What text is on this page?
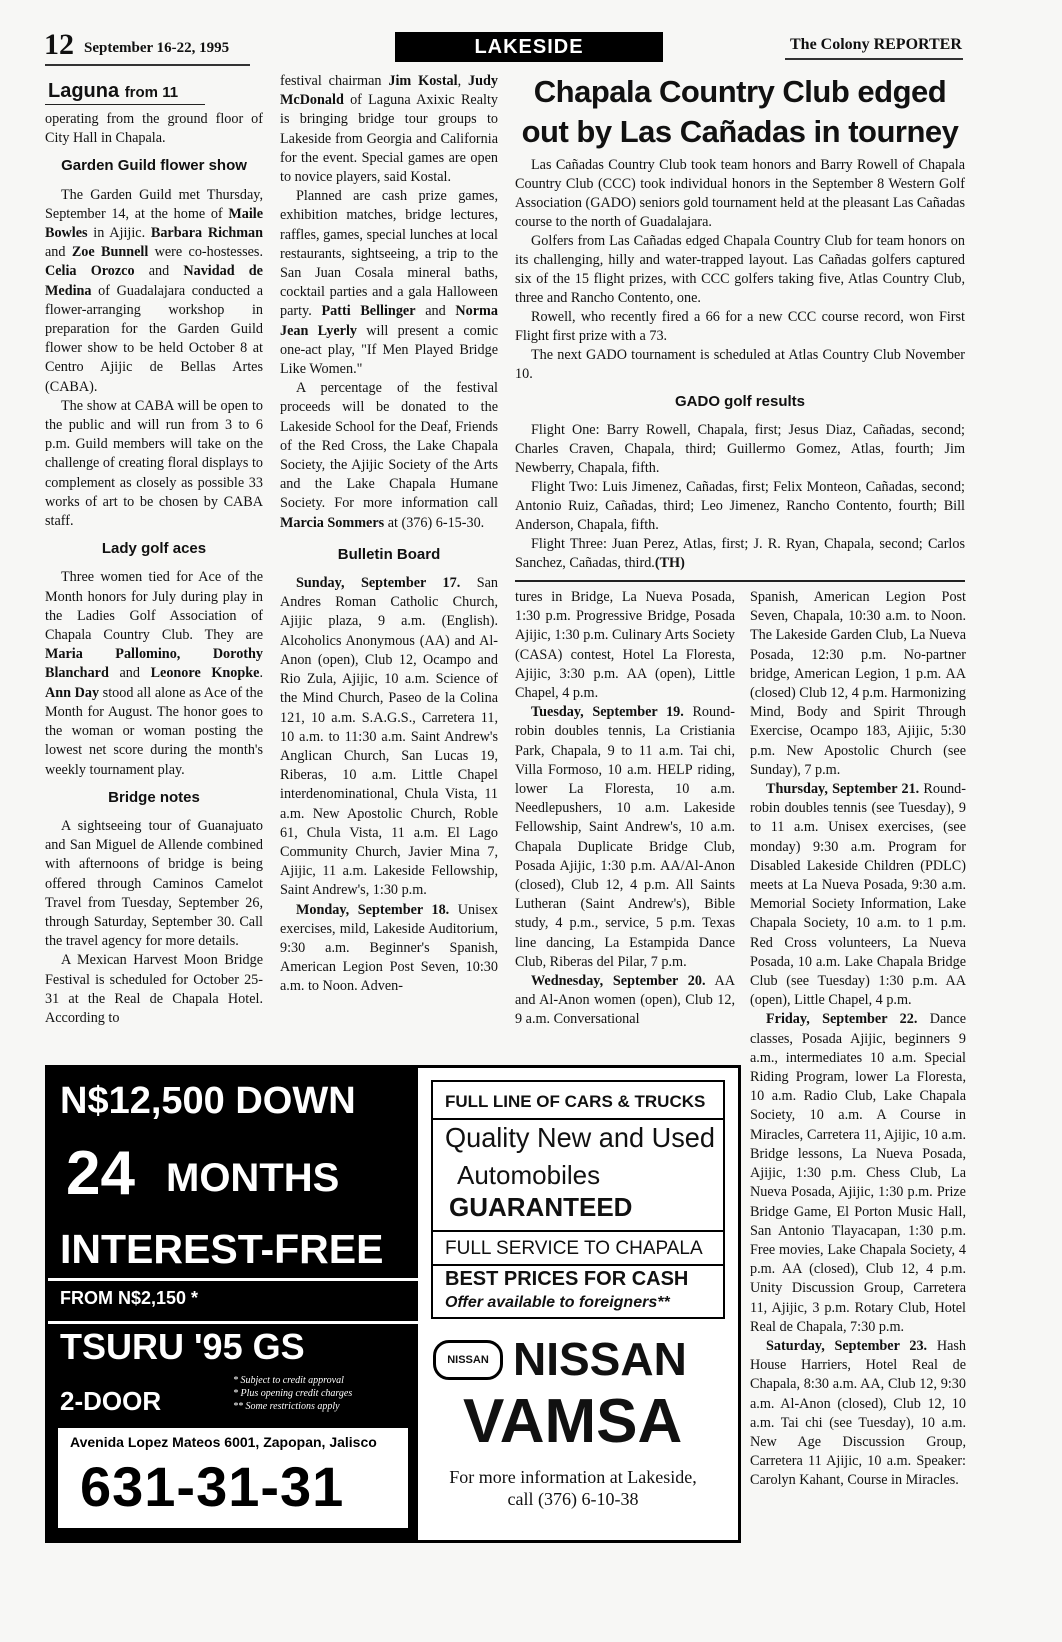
12 September 16-22, 1995	LAKESIDE	The Colony REPORTER
Laguna from 11

operating from the ground floor of City Hall in Chapala.

Garden Guild flower show

The Garden Guild met Thursday, September 14, at the home of Maile Bowles in Ajijic. Barbara Richman and Zoe Bunnell were co-hostesses. Celia Orozco and Navidad de Medina of Guadalajara conducted a flower-arranging workshop in preparation for the Garden Guild flower show to be held October 8 at Centro Ajijic de Bellas Artes (CABA).

The show at CABA will be open to the public and will run from 3 to 6 p.m. Guild members will take on the challenge of creating floral displays to complement as closely as possible 33 works of art to be chosen by CABA staff.

Lady golf aces

Three women tied for Ace of the Month honors for July during play in the Ladies Golf Association of Chapala Country Club. They are Maria Pallomino, Dorothy Blanchard and Leonore Knopke. Ann Day stood all alone as Ace of the Month for August. The honor goes to the woman or woman posting the lowest net score during the month's weekly tournament play.

Bridge notes

A sightseeing tour of Guanajuato and San Miguel de Allende combined with afternoons of bridge is being offered through Caminos Camelot Travel from Tuesday, September 26, through Saturday, September 30. Call the travel agency for more details.

A Mexican Harvest Moon Bridge Festival is scheduled for October 25-31 at the Real de Chapala Hotel. According to

festival chairman Jim Kostal, Judy McDonald of Laguna Axixic Realty is bringing bridge tour groups to Lakeside from Georgia and California for the event. Special games are open to novice players, said Kostal.

Planned are cash prize games, exhibition matches, bridge lectures, raffles, games, special lunches at local restaurants, sightseeing, a trip to the San Juan Cosala mineral baths, cocktail parties and a gala Halloween party. Patti Bellinger and Norma Jean Lyerly will present a comic one-act play, "If Men Played Bridge Like Women."

A percentage of the festival proceeds will be donated to the Lakeside School for the Deaf, Friends of the Red Cross, the Lake Chapala Society, the Ajijic Society of the Arts and the Lake Chapala Humane Society. For more information call Marcia Sommers at (376) 6-15-30.

Bulletin Board

Sunday, September 17. San Andres Roman Catholic Church, Ajijic plaza, 9 a.m. (English). Alcoholics Anonymous (AA) and Al-Anon (open), Club 12, Ocampo and Rio Zula, Ajijic, 10 a.m. Science of the Mind Church, Paseo de la Colina 121, 10 a.m. S.A.G.S., Carretera 11, 10 a.m. to 11:30 a.m. Saint Andrew's Anglican Church, San Lucas 19, Riberas, 10 a.m. Little Chapel interdenominational, Chula Vista, 11 a.m. New Apostolic Church, Roble 61, Chula Vista, 11 a.m. El Lago Community Church, Javier Mina 7, Ajijic, 11 a.m. Lakeside Fellowship, Saint Andrew's, 1:30 p.m.

Monday, September 18. Unisex exercises, mild, Lakeside Auditorium, 9:30 a.m. Beginner's Spanish, American Legion Post Seven, 10:30 a.m. to Noon. Adven-

Chapala Country Club edged out by Las Cañadas in tourney

Las Cañadas Country Club took team honors and Barry Rowell of Chapala Country Club (CCC) took individual honors in the September 8 Western Golf Association (GADO) seniors gold tournament held at the pleasant Las Cañadas course to the north of Guadalajara.

Golfers from Las Cañadas edged Chapala Country Club for team honors on its challenging, hilly and water-trapped layout. Las Cañadas golfers captured six of the 15 flight prizes, with CCC golfers taking five, Atlas Country Club, three and Rancho Contento, one.

Rowell, who recently fired a 66 for a new CCC course record, won First Flight first prize with a 73.

The next GADO tournament is scheduled at Atlas Country Club November 10.

GADO golf results

Flight One: Barry Rowell, Chapala, first; Jesus Diaz, Cañadas, second; Charles Craven, Chapala, third; Guillermo Gomez, Atlas, fourth; Jim Newberry, Chapala, fifth.

Flight Two: Luis Jimenez, Cañadas, first; Felix Monteon, Cañadas, second; Antonio Ruiz, Cañadas, third; Leo Jimenez, Rancho Contento, fourth; Bill Anderson, Chapala, fifth.

Flight Three: Juan Perez, Atlas, first; J. R. Ryan, Chapala, second; Carlos Sanchez, Cañadas, third.(TH)

tures in Bridge, La Nueva Posada, 1:30 p.m. Progressive Bridge, Posada Ajijic, 1:30 p.m. Culinary Arts Society (CASA) contest, Hotel La Floresta, Ajijic, 3:30 p.m. AA (open), Little Chapel, 4 p.m.

Tuesday, September 19. Round-robin doubles tennis, La Cristiania Park, Chapala, 9 to 11 a.m. Tai chi, Villa Formoso, 10 a.m. HELP riding, lower La Floresta, 10 a.m. Needlepushers, 10 a.m. Lakeside Fellowship, Saint Andrew's, 10 a.m. Chapala Duplicate Bridge Club, Posada Ajijic, 1:30 p.m. AA/Al-Anon (closed), Club 12, 4 p.m. All Saints Lutheran (Saint Andrew's), Bible study, 4 p.m., service, 5 p.m. Texas line dancing, La Estampida Dance Club, Riberas del Pilar, 7 p.m.

Wednesday, September 20. AA and Al-Anon women (open), Club 12, 9 a.m. Conversational

Spanish, American Legion Post Seven, Chapala, 10:30 a.m. to Noon. The Lakeside Garden Club, La Nueva Posada, 12:30 p.m. No-partner bridge, American Legion, 1 p.m. AA (closed) Club 12, 4 p.m. Harmonizing Mind, Body and Spirit Through Exercise, Ocampo 183, Ajijic, 5:30 p.m. New Apostolic Church (see Sunday), 7 p.m.

Thursday, September 21. Round-robin doubles tennis (see Tuesday), 9 to 11 a.m. Unisex exercises, (see monday) 9:30 a.m. Program for Disabled Lakeside Children (PDLC) meets at La Nueva Posada, 9:30 a.m. Memorial Society Information, Lake Chapala Society, 10 a.m. to 1 p.m. Red Cross volunteers, La Nueva Posada, 10 a.m. Lake Chapala Bridge Club (see Tuesday) 1:30 p.m. AA (open), Little Chapel, 4 p.m.

Friday, September 22. Dance classes, Posada Ajijic, beginners 9 a.m., intermediates 10 a.m. Special Riding Program, lower La Floresta, 10 a.m. Radio Club, Lake Chapala Society, 10 a.m. A Course in Miracles, Carretera 11, Ajijic, 10 a.m. Bridge lessons, La Nueva Posada, Ajijic, 1:30 p.m. Chess Club, La Nueva Posada, Ajijic, 1:30 p.m. Prize Bridge Game, El Porton Music Hall, San Antonio Tlayacapan, 1:30 p.m. Free movies, Lake Chapala Society, 4 p.m. AA (closed), Club 12, 4 p.m. Unity Discussion Group, Carretera 11, Ajijic, 3 p.m. Rotary Club, Hotel Real de Chapala, 7:30 p.m.

Saturday, September 23. Hash House Harriers, Hotel Real de Chapala, 8:30 a.m. AA, Club 12, 9:30 a.m. Al-Anon (closed), Club 12, 10 a.m. Tai chi (see Tuesday), 10 a.m. New Age Discussion Group, Carretera 11 Ajijic, 10 a.m. Speaker: Carolyn Kahant, Course in Miracles.

N$12,500 DOWN
24 MONTHS
INTEREST-FREE
FROM N$2,150 *
TSURU '95 GS
2-DOOR
* Subject to credit approval
* Plus opening credit charges
** Some restrictions apply
Avenida Lopez Mateos 6001, Zapopan, Jalisco
631-31-31
FULL LINE OF CARS & TRUCKS
Quality New and Used
Automobiles
GUARANTEED
FULL SERVICE TO CHAPALA
BEST PRICES FOR CASH
Offer available to foreigners**
NISSAN NISSAN
VAMSA
For more information at Lakeside,
call (376) 6-10-38
